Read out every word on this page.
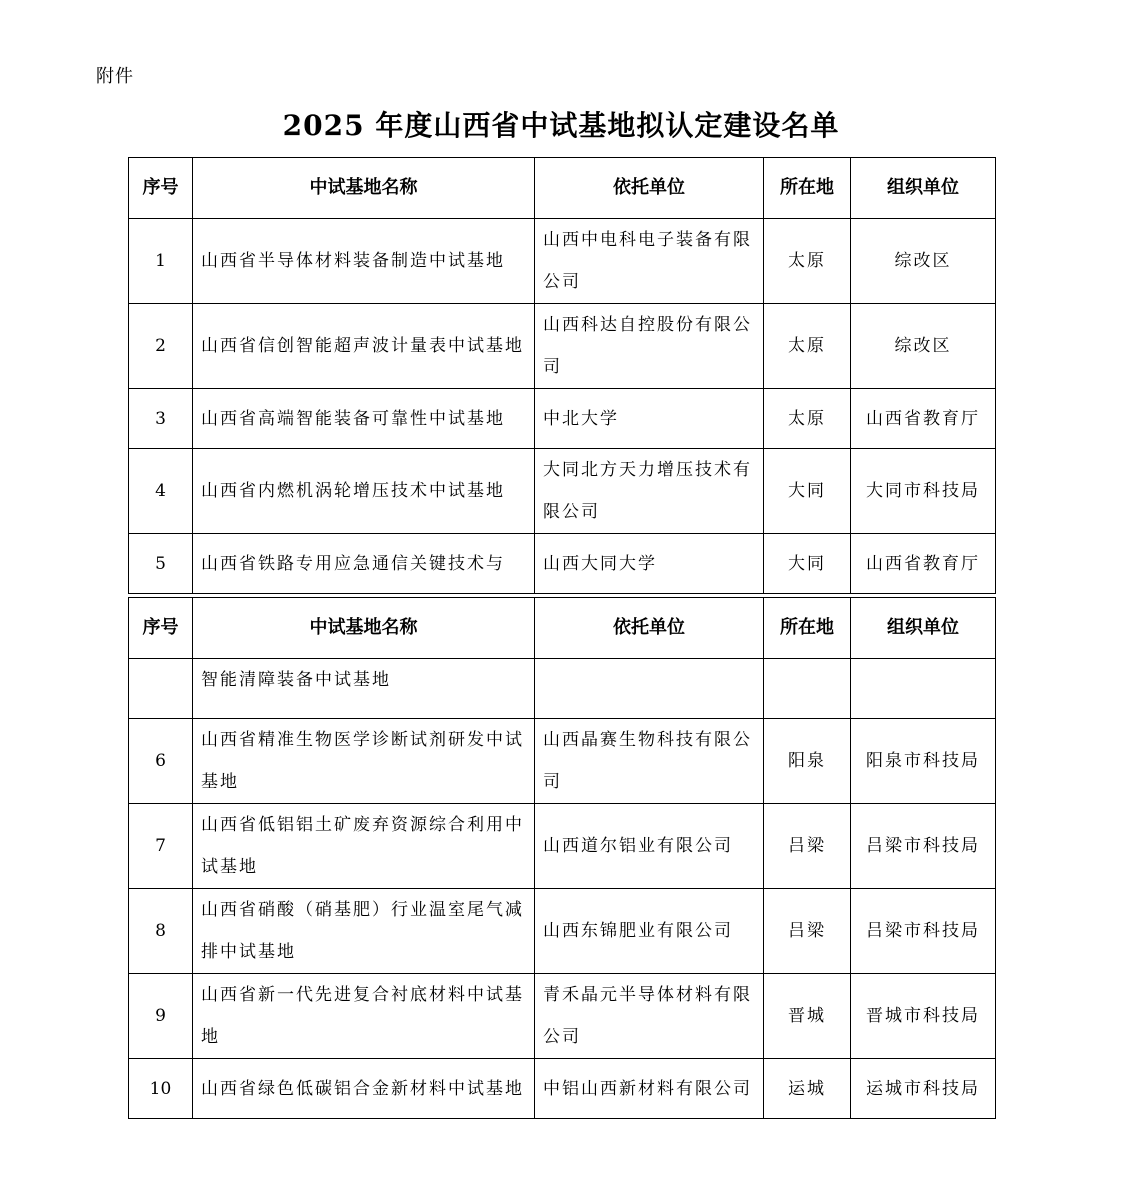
附件
2025 年度山西省中试基地拟认定建设名单
序号	中试基地名称	依托单位	所在地	组织单位
1	山西省半导体材料装备制造中试基地	山西中电科电子装备有限公司	太原	综改区
2	山西省信创智能超声波计量表中试基地	山西科达自控股份有限公司	太原	综改区
3	山西省高端智能装备可靠性中试基地	中北大学	太原	山西省教育厅
4	山西省内燃机涡轮增压技术中试基地	大同北方天力增压技术有限公司	大同	大同市科技局
5	山西省铁路专用应急通信关键技术与	山西大同大学	大同	山西省教育厅
序号	中试基地名称	依托单位	所在地	组织单位
	智能清障装备中试基地			
6	山西省精准生物医学诊断试剂研发中试基地	山西晶赛生物科技有限公司	阳泉	阳泉市科技局
7	山西省低铝铝土矿废弃资源综合利用中试基地	山西道尔铝业有限公司	吕梁	吕梁市科技局
8	山西省硝酸（硝基肥）行业温室尾气减排中试基地	山西东锦肥业有限公司	吕梁	吕梁市科技局
9	山西省新一代先进复合衬底材料中试基地	青禾晶元半导体材料有限公司	晋城	晋城市科技局
10	山西省绿色低碳铝合金新材料中试基地	中铝山西新材料有限公司	运城	运城市科技局
